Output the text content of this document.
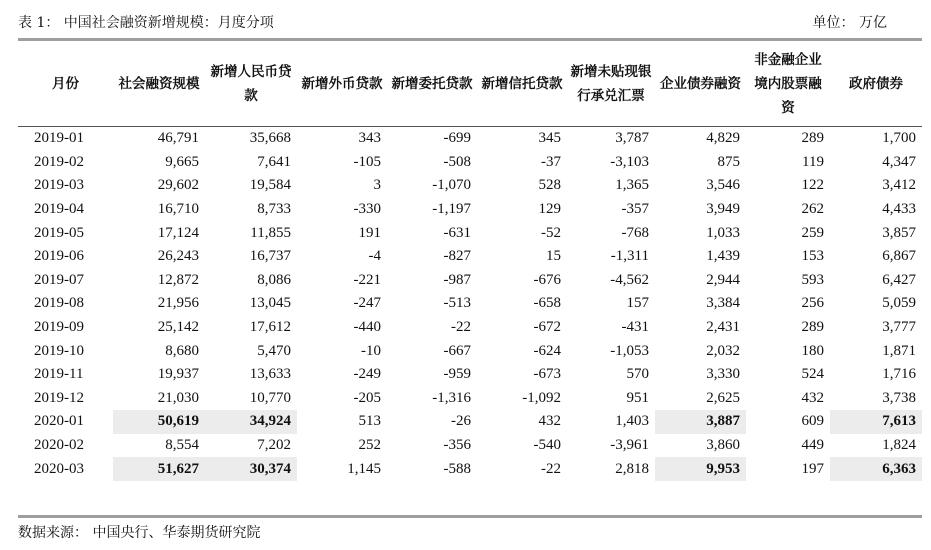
表 1： 中国社会融资新增规模：月度分项	单位： 万亿
月份	社会融资规模	新增人民币贷款	新增外币贷款	新增委托贷款	新增信托贷款	新增未贴现银行承兑汇票	企业债券融资	非金融企业境内股票融资	政府债券
2019-01	46,791	35,668	343	-699	345	3,787	4,829	289	1,700
2019-02	9,665	7,641	-105	-508	-37	-3,103	875	119	4,347
2019-03	29,602	19,584	3	-1,070	528	1,365	3,546	122	3,412
2019-04	16,710	8,733	-330	-1,197	129	-357	3,949	262	4,433
2019-05	17,124	11,855	191	-631	-52	-768	1,033	259	3,857
2019-06	26,243	16,737	-4	-827	15	-1,311	1,439	153	6,867
2019-07	12,872	8,086	-221	-987	-676	-4,562	2,944	593	6,427
2019-08	21,956	13,045	-247	-513	-658	157	3,384	256	5,059
2019-09	25,142	17,612	-440	-22	-672	-431	2,431	289	3,777
2019-10	8,680	5,470	-10	-667	-624	-1,053	2,032	180	1,871
2019-11	19,937	13,633	-249	-959	-673	570	3,330	524	1,716
2019-12	21,030	10,770	-205	-1,316	-1,092	951	2,625	432	3,738
2020-01	50,619	34,924	513	-26	432	1,403	3,887	609	7,613
2020-02	8,554	7,202	252	-356	-540	-3,961	3,860	449	1,824
2020-03	51,627	30,374	1,145	-588	-22	2,818	9,953	197	6,363
数据来源： 中国央行、华泰期货研究院
